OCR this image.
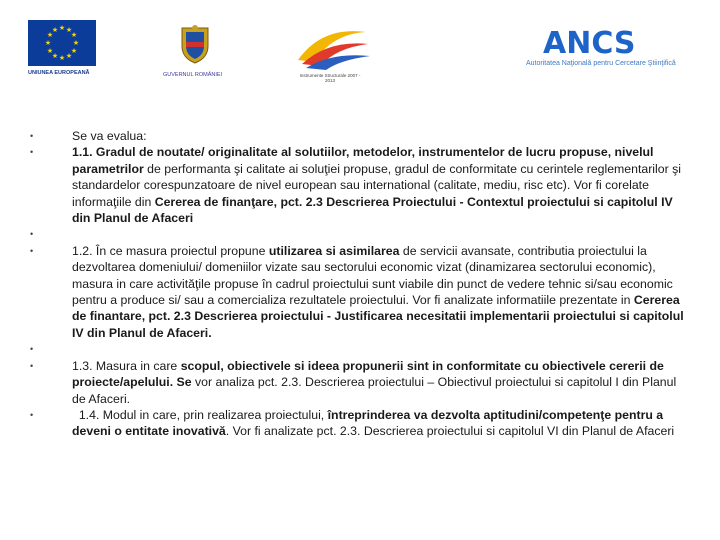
★ ★
★
★
★
★
★
★
★
★
★
★
UNIUNEA EUROPEANĂ	GUVERNUL ROMÂNIEI	Instrumente Structurale 2007 - 2013
ANCS
Autoritatea Naţională pentru Cercetare Ştiinţifică
•	Se va evalua:
•	1.1. Gradul de noutate/ originalitate al solutiilor, metodelor, instrumentelor de lucru propuse, nivelul parametrilor de performanta şi calitate ai soluţiei propuse, gradul de conformitate cu cerintele reglementarilor şi standardelor corespunzatoare de nivel european sau international (calitate, mediu, risc etc). Vor fi corelate informaţiile din Cererea de finanţare, pct. 2.3 Descrierea Proiectului - Contextul proiectului si capitolul IV din Planul de Afaceri
•
•	1.2. În ce masura proiectul propune utilizarea si asimilarea de servicii avansate, contributia proiectului la dezvoltarea domeniului/ domeniilor vizate sau sectorului economic vizat (dinamizarea sectorului economic), masura in care activităţile propuse în cadrul proiectului sunt viabile din punct de vedere tehnic si/sau economic pentru a produce si/ sau a comercializa rezultatele proiectului. Vor fi analizate informatiile prezentate in Cererea de finantare, pct. 2.3 Descrierea proiectului - Justificarea necesitatii implementarii proiectului si capitolul IV din Planul de Afaceri.
•
•	1.3. Masura in care scopul, obiectivele si ideea propunerii sint in conformitate cu obiectivele cererii de proiecte/apelului. Se vor analiza pct. 2.3. Descrierea proiectului – Obiectivul proiectului si capitolul I din Planul de Afaceri.
•	1.4. Modul in care, prin realizarea proiectului, întreprinderea va dezvolta aptitudini/competenţe pentru a deveni o entitate inovativă. Vor fi analizate pct. 2.3. Descrierea proiectului si capitolul VI din Planul de Afaceri
